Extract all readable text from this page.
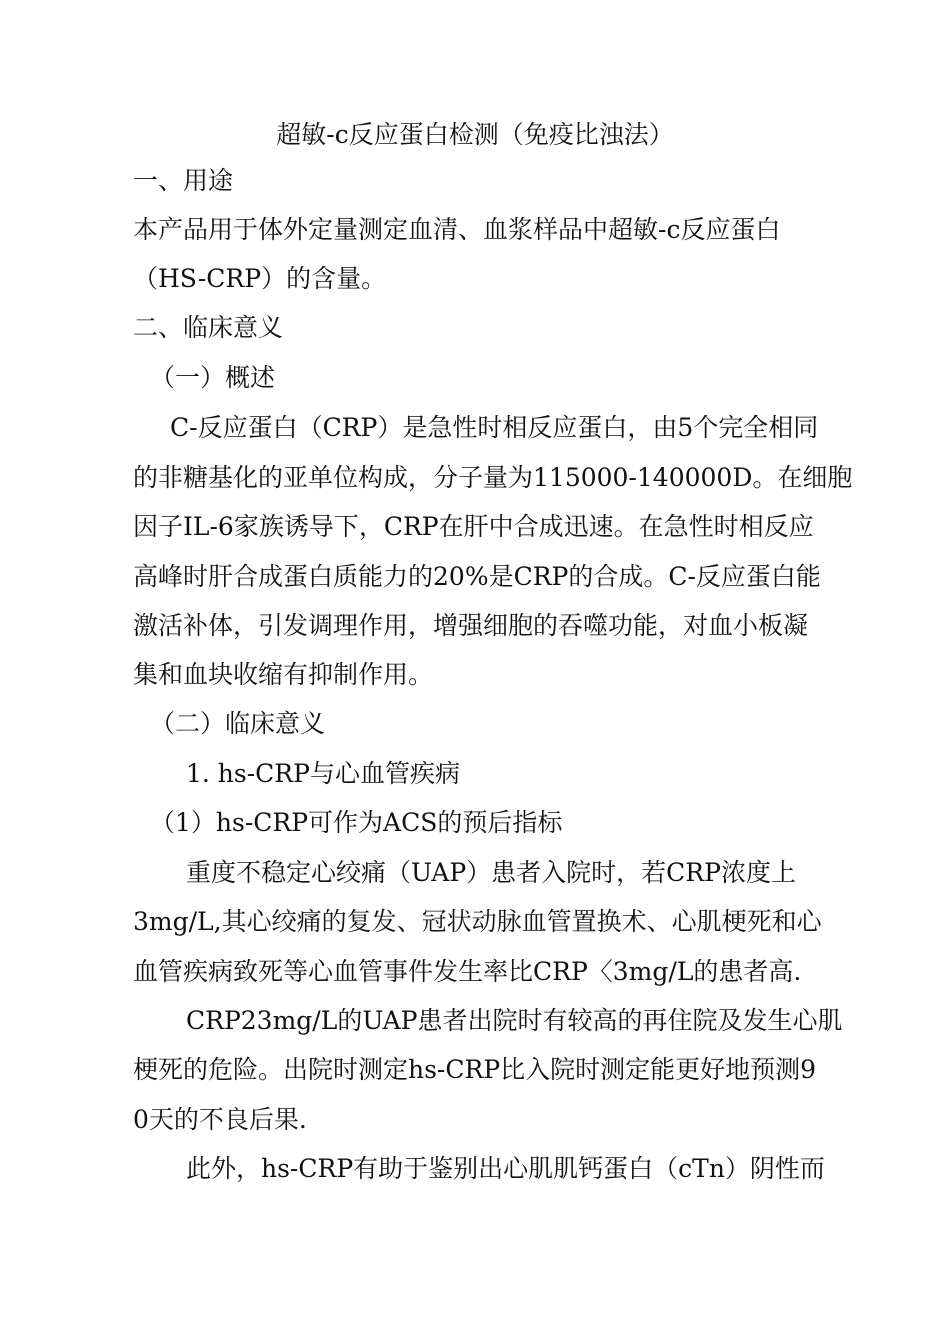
超敏-c反应蛋白检测（免疫比浊法）
一、用途
本产品用于体外定量测定血清、血浆样品中超敏-c反应蛋白
（HS-CRP）的含量。
二、临床意义
（一）概述
C-反应蛋白（CRP）是急性时相反应蛋白，由5个完全相同
的非糖基化的亚单位构成，分子量为115000-140000D。在细胞
因子IL-6家族诱导下，CRP在肝中合成迅速。在急性时相反应
高峰时肝合成蛋白质能力的20%是CRP的合成。C-反应蛋白能
激活补体，引发调理作用，增强细胞的吞噬功能，对血小板凝
集和血块收缩有抑制作用。
（二）临床意义
1. hs-CRP与心血管疾病
（1）hs-CRP可作为ACS的预后指标
重度不稳定心绞痛（UAP）患者入院时，若CRP浓度上
3mg/L,其心绞痛的复发、冠状动脉血管置换术、心肌梗死和心
血管疾病致死等心血管事件发生率比CRP〈3mg/L的患者高.
CRP23mg/L的UAP患者出院时有较高的再住院及发生心肌
梗死的危险。出院时测定hs-CRP比入院时测定能更好地预测9
0天的不良后果.
此外，hs-CRP有助于鉴别出心肌肌钙蛋白（cTn）阴性而
